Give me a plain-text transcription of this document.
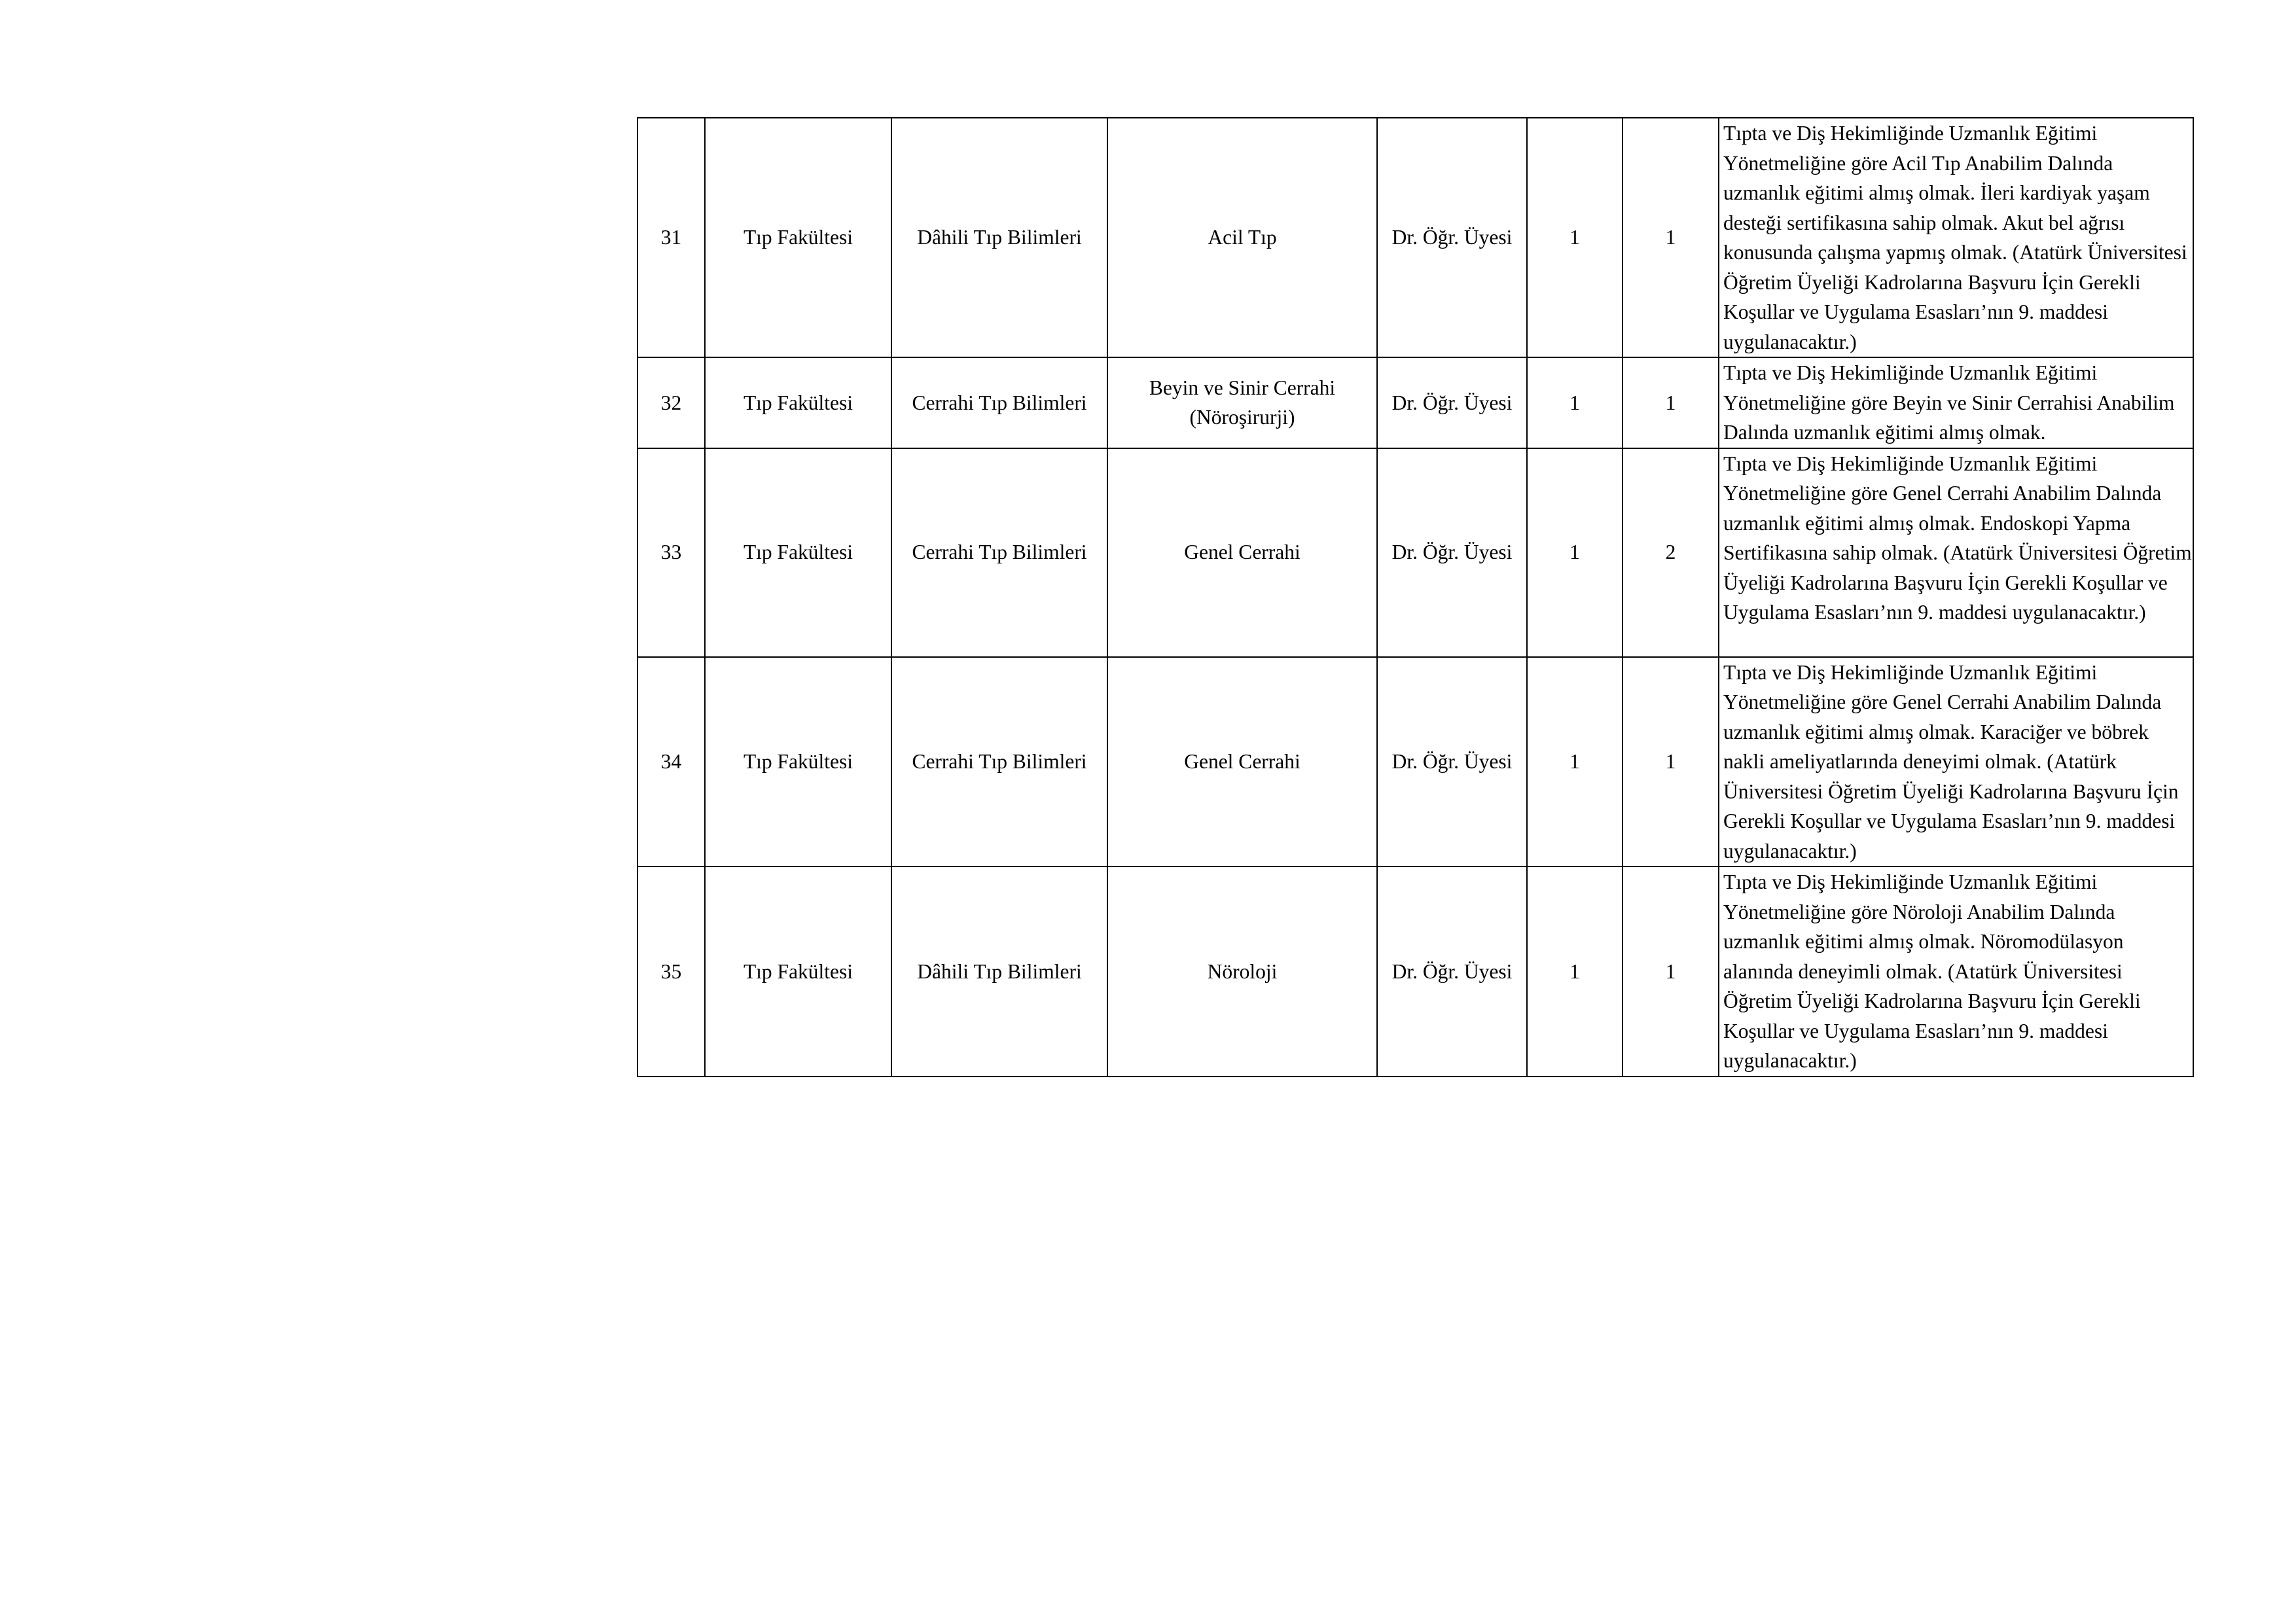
31	Tıp Fakültesi	Dâhili Tıp Bilimleri	Acil Tıp	Dr. Öğr. Üyesi	1	1	Tıpta ve Diş Hekimliğinde Uzmanlık Eğitimi Yönetmeliğine göre Acil Tıp Anabilim Dalında uzmanlık eğitimi almış olmak. İleri kardiyak yaşam desteği sertifikasına sahip olmak. Akut bel ağrısı konusunda çalışma yapmış olmak. (Atatürk Üniversitesi Öğretim Üyeliği Kadrolarına Başvuru İçin Gerekli Koşullar ve Uygulama Esasları’nın 9. maddesi uygulanacaktır.)
32	Tıp Fakültesi	Cerrahi Tıp Bilimleri	Beyin ve Sinir Cerrahi (Nöroşirurji)	Dr. Öğr. Üyesi	1	1	Tıpta ve Diş Hekimliğinde Uzmanlık Eğitimi Yönetmeliğine göre Beyin ve Sinir Cerrahisi Anabilim Dalında uzmanlık eğitimi almış olmak.
33	Tıp Fakültesi	Cerrahi Tıp Bilimleri	Genel Cerrahi	Dr. Öğr. Üyesi	1	2	Tıpta ve Diş Hekimliğinde Uzmanlık Eğitimi Yönetmeliğine göre Genel Cerrahi Anabilim Dalında uzmanlık eğitimi almış olmak. Endoskopi Yapma Sertifikasına sahip olmak. (Atatürk Üniversitesi Öğretim Üyeliği Kadrolarına Başvuru İçin Gerekli Koşullar ve Uygulama Esasları’nın 9. maddesi uygulanacaktır.)
34	Tıp Fakültesi	Cerrahi Tıp Bilimleri	Genel Cerrahi	Dr. Öğr. Üyesi	1	1	Tıpta ve Diş Hekimliğinde Uzmanlık Eğitimi Yönetmeliğine göre Genel Cerrahi Anabilim Dalında uzmanlık eğitimi almış olmak. Karaciğer ve böbrek nakli ameliyatlarında deneyimi olmak. (Atatürk Üniversitesi Öğretim Üyeliği Kadrolarına Başvuru İçin Gerekli Koşullar ve Uygulama Esasları’nın 9. maddesi uygulanacaktır.)
35	Tıp Fakültesi	Dâhili Tıp Bilimleri	Nöroloji	Dr. Öğr. Üyesi	1	1	Tıpta ve Diş Hekimliğinde Uzmanlık Eğitimi Yönetmeliğine göre Nöroloji Anabilim Dalında uzmanlık eğitimi almış olmak. Nöromodülasyon alanında deneyimli olmak. (Atatürk Üniversitesi Öğretim Üyeliği Kadrolarına Başvuru İçin Gerekli Koşullar ve Uygulama Esasları’nın 9. maddesi uygulanacaktır.)
